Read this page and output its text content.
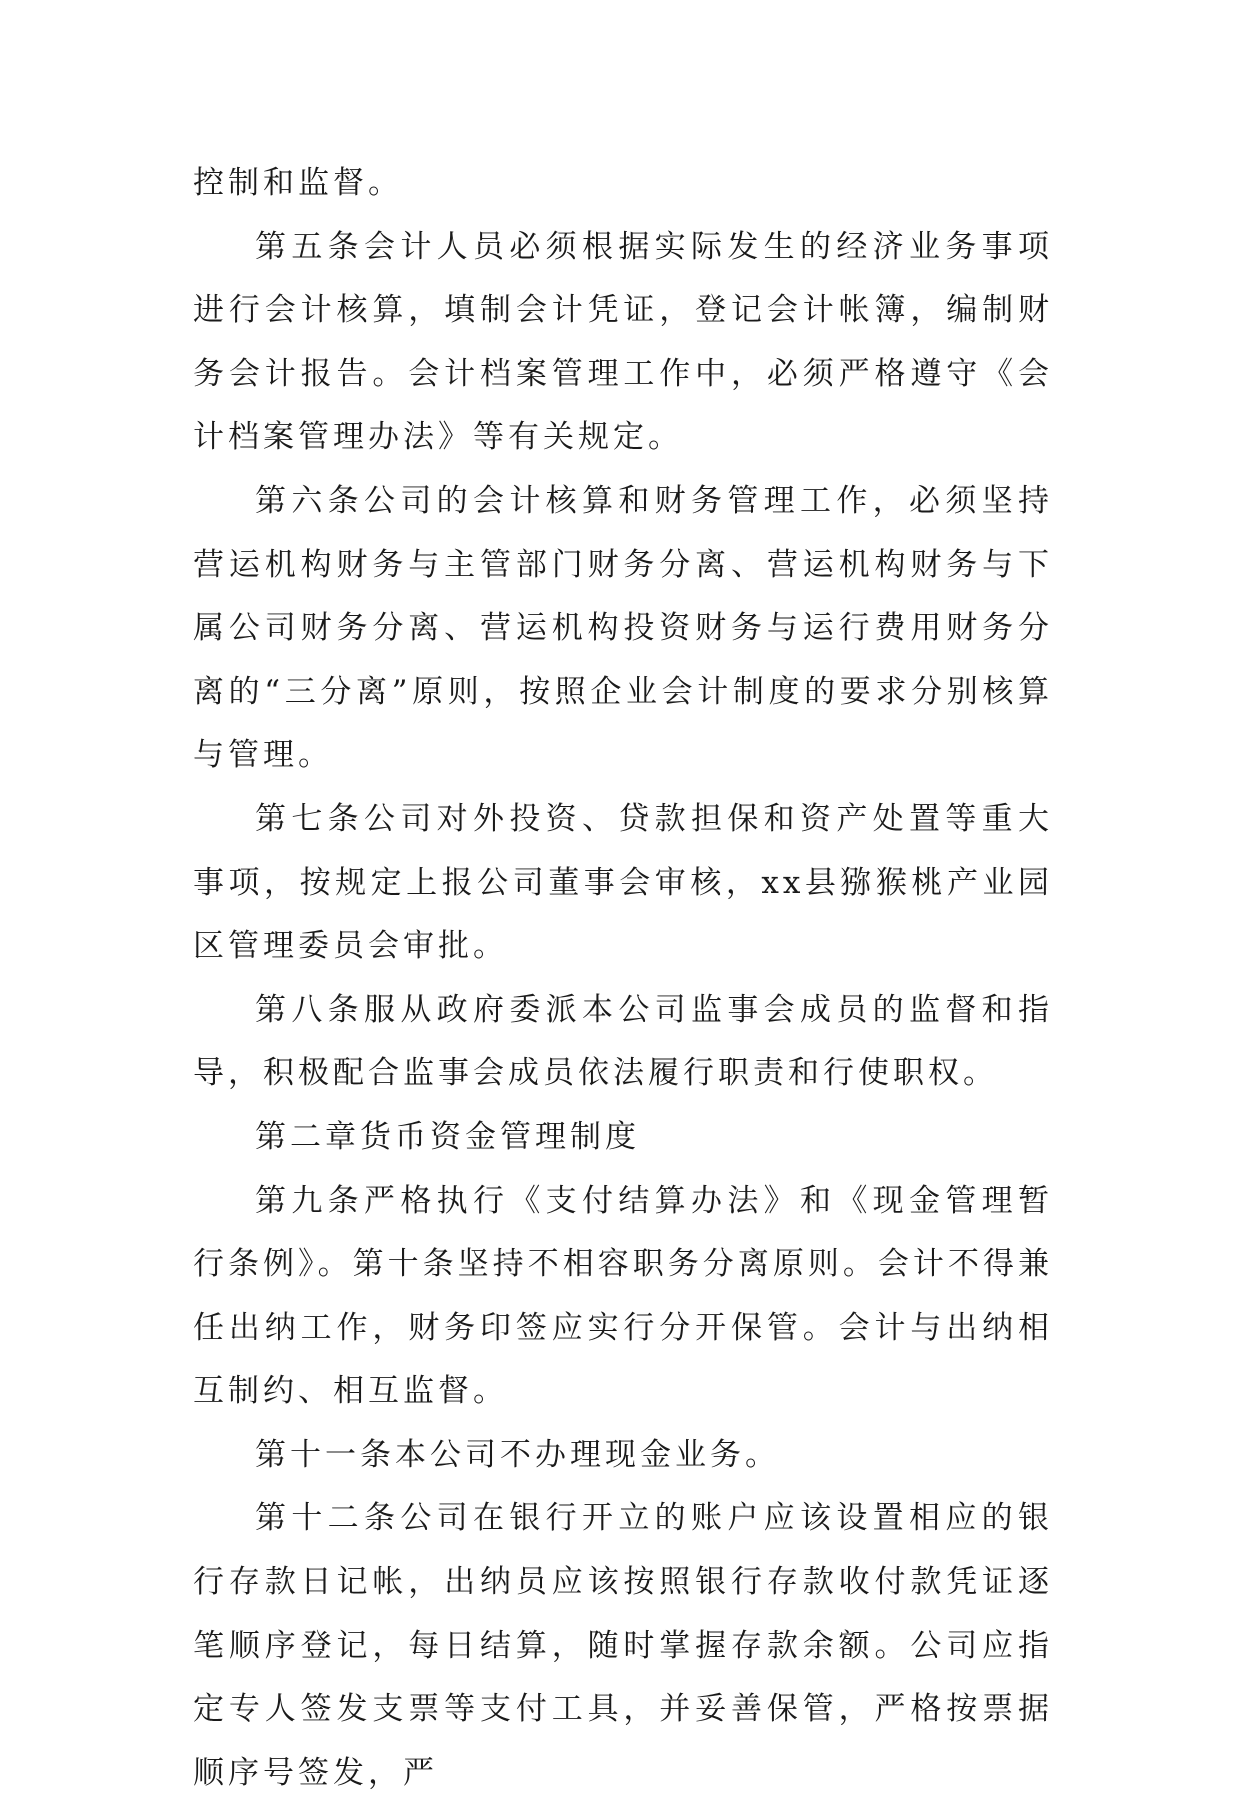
控制和监督。

第五条会计人员必须根据实际发生的经济业务事项进行会计核算，填制会计凭证，登记会计帐簿，编制财务会计报告。会计档案管理工作中，必须严格遵守《会计档案管理办法》等有关规定。

第六条公司的会计核算和财务管理工作，必须坚持营运机构财务与主管部门财务分离、营运机构财务与下属公司财务分离、营运机构投资财务与运行费用财务分离的“三分离”原则，按照企业会计制度的要求分别核算与管理。

第七条公司对外投资、贷款担保和资产处置等重大事项，按规定上报公司董事会审核，xx县猕猴桃产业园区管理委员会审批。

第八条服从政府委派本公司监事会成员的监督和指导，积极配合监事会成员依法履行职责和行使职权。

第二章货币资金管理制度

第九条严格执行《支付结算办法》和《现金管理暂行条例》。第十条坚持不相容职务分离原则。会计不得兼任出纳工作，财务印签应实行分开保管。会计与出纳相互制约、相互监督。

第十一条本公司不办理现金业务。

第十二条公司在银行开立的账户应该设置相应的银行存款日记帐，出纳员应该按照银行存款收付款凭证逐笔顺序登记，每日结算，随时掌握存款余额。公司应指定专人签发支票等支付工具，并妥善保管，严格按票据顺序号签发，严
